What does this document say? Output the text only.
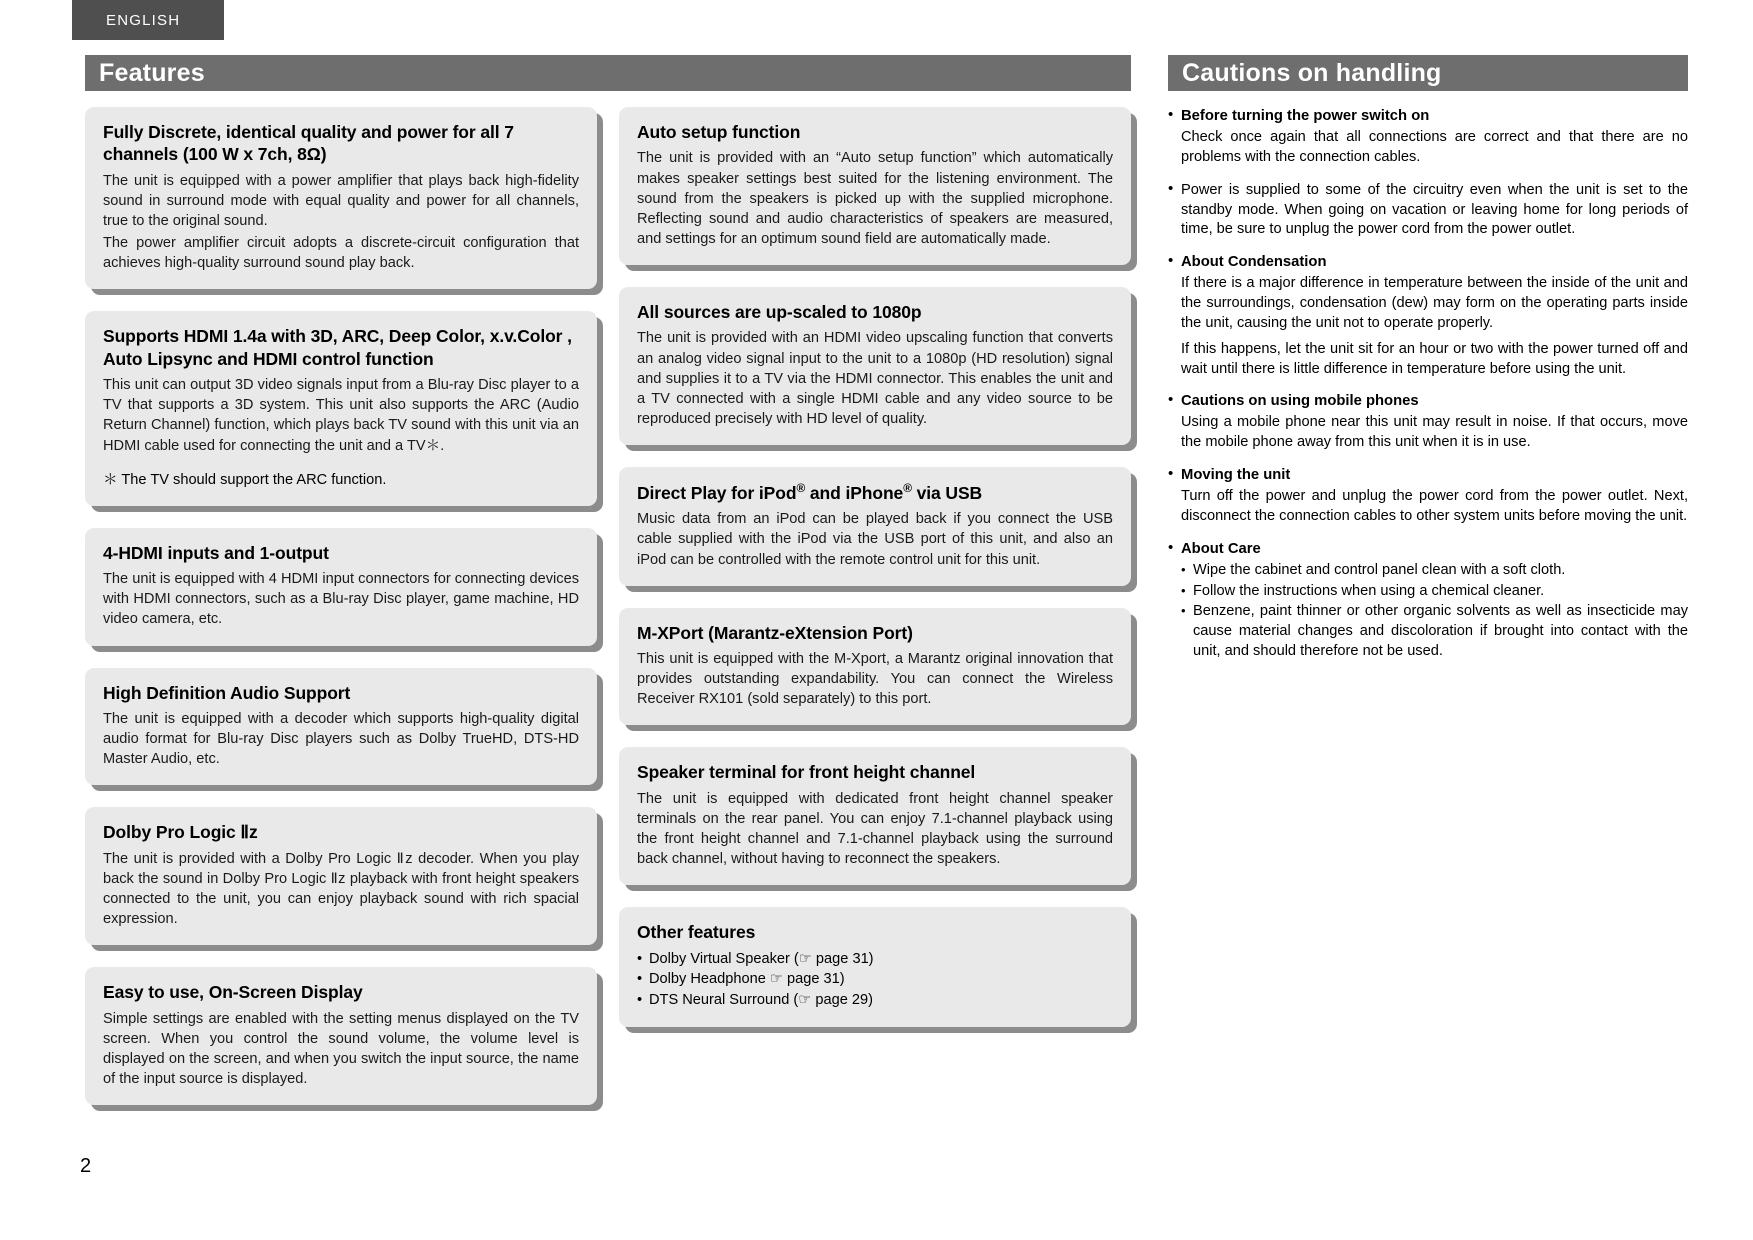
ENGLISH
Features
Fully Discrete, identical quality and power for all 7 channels (100 W x 7ch, 8Ω)

The unit is equipped with a power amplifier that plays back high-fidelity sound in surround mode with equal quality and power for all channels, true to the original sound.

The power amplifier circuit adopts a discrete-circuit configuration that achieves high-quality surround sound play back.

Supports HDMI 1.4a with 3D, ARC, Deep Color, x.v.Color , Auto Lipsync and HDMI control function

This unit can output 3D video signals input from a Blu-ray Disc player to a TV that supports a 3D system. This unit also supports the ARC (Audio Return Channel) function, which plays back TV sound with this unit via an HDMI cable used for connecting the unit and a TV＊.

＊ The TV should support the ARC function.
4-HDMI inputs and 1-output

The unit is equipped with 4 HDMI input connectors for connecting devices with HDMI connectors, such as a Blu-ray Disc player, game machine, HD video camera, etc.

High Definition Audio Support

The unit is equipped with a decoder which supports high-quality digital audio format for Blu-ray Disc players such as Dolby TrueHD, DTS-HD Master Audio, etc.

Dolby Pro Logic Ⅱz

The unit is provided with a Dolby Pro Logic Ⅱz decoder. When you play back the sound in Dolby Pro Logic Ⅱz playback with front height speakers connected to the unit, you can enjoy playback sound with rich spacial expression.

Easy to use, On-Screen Display

Simple settings are enabled with the setting menus displayed on the TV screen. When you control the sound volume, the volume level is displayed on the screen, and when you switch the input source, the name of the input source is displayed.

Auto setup function

The unit is provided with an “Auto setup function” which automatically makes speaker settings best suited for the listening environment. The sound from the speakers is picked up with the supplied microphone. Reflecting sound and audio characteristics of speakers are measured, and settings for an optimum sound field are automatically made.

All sources are up-scaled to 1080p

The unit is provided with an HDMI video upscaling function that converts an analog video signal input to the unit to a 1080p (HD resolution) signal and supplies it to a TV via the HDMI connector. This enables the unit and a TV connected with a single HDMI cable and any video source to be reproduced precisely with HD level of quality.

Direct Play for iPod® and iPhone® via USB

Music data from an iPod can be played back if you connect the USB cable supplied with the iPod via the USB port of this unit, and also an iPod can be controlled with the remote control unit for this unit.

M-XPort (Marantz-eXtension Port)

This unit is equipped with the M-Xport, a Marantz original innovation that provides outstanding expandability. You can connect the Wireless Receiver RX101 (sold separately) to this port.

Speaker terminal for front height channel

The unit is equipped with dedicated front height channel speaker terminals on the rear panel. You can enjoy 7.1-channel playback using the front height channel and 7.1-channel playback using the surround back channel, without having to reconnect the speakers.

Other features
• Dolby Virtual Speaker (☞ page 31)
• Dolby Headphone ☞ page 31)
• DTS Neural Surround (☞ page 29)
Cautions on handling
• Before turning the power switch on

Check once again that all connections are correct and that there are no problems with the connection cables.

• Power is supplied to some of the circuitry even when the unit is set to the standby mode. When going on vacation or leaving home for long periods of time, be sure to unplug the power cord from the power outlet.

• About Condensation

If there is a major difference in temperature between the inside of the unit and the surroundings, condensation (dew) may form on the operating parts inside the unit, causing the unit not to operate properly.

If this happens, let the unit sit for an hour or two with the power turned off and wait until there is little difference in temperature before using the unit.

• Cautions on using mobile phones

Using a mobile phone near this unit may result in noise. If that occurs, move the mobile phone away from this unit when it is in use.

• Moving the unit

Turn off the power and unplug the power cord from the power outlet. Next, disconnect the connection cables to other system units before moving the unit.

• About Care
• Wipe the cabinet and control panel clean with a soft cloth.
• Follow the instructions when using a chemical cleaner.
• Benzene, paint thinner or other organic solvents as well as insecticide may cause material changes and discoloration if brought into contact with the unit, and should therefore not be used.
2
